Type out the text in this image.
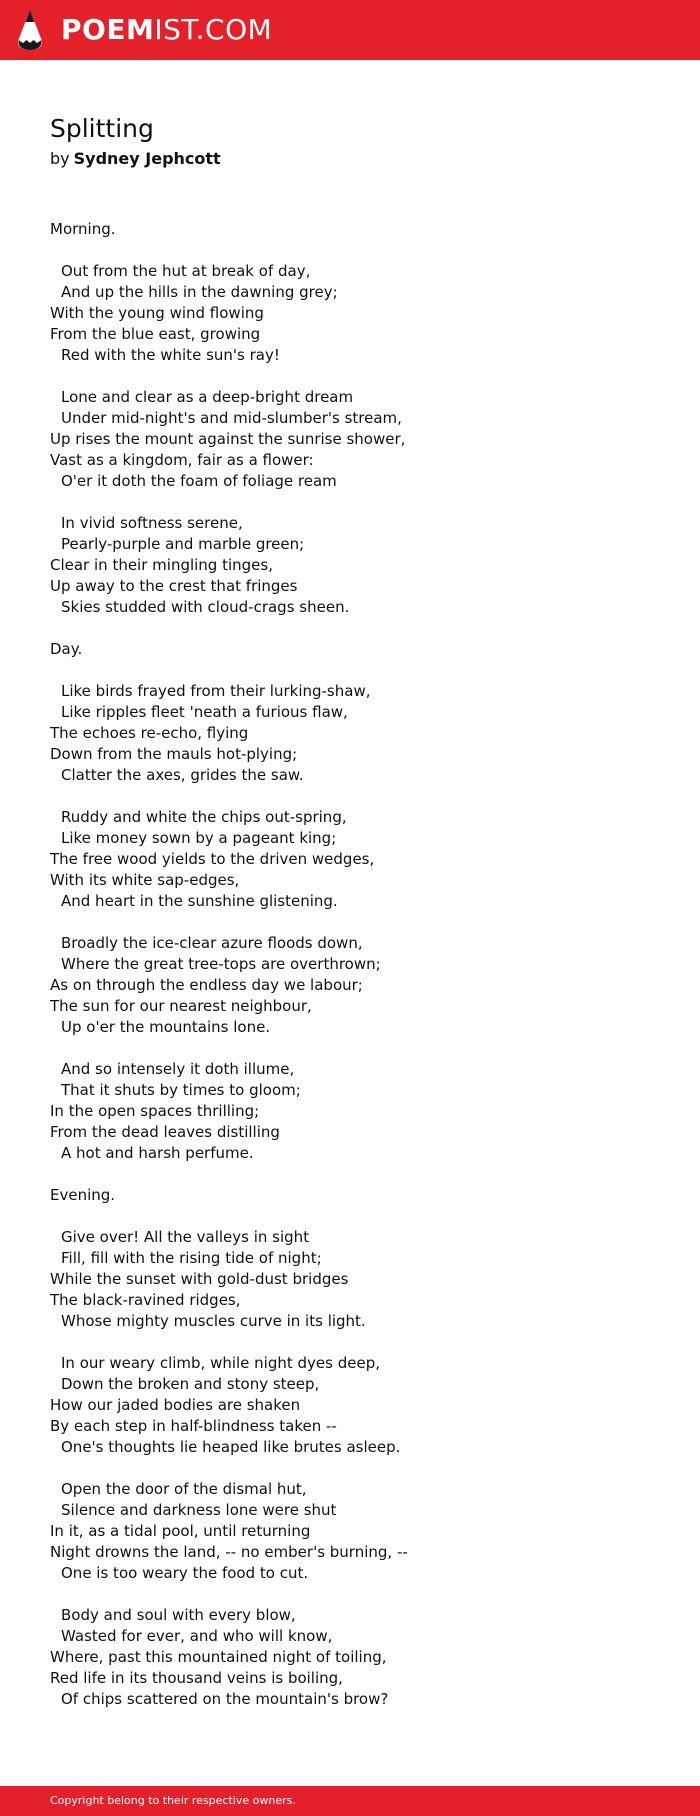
POEMIST.COM
Splitting
by Sydney Jephcott
Morning.
Out from the hut at break of day,
And up the hills in the dawning grey;
With the young wind flowing
From the blue east, growing
Red with the white sun's ray!
Lone and clear as a deep-bright dream
Under mid-night's and mid-slumber's stream,
Up rises the mount against the sunrise shower,
Vast as a kingdom, fair as a flower:
O'er it doth the foam of foliage ream
In vivid softness serene,
Pearly-purple and marble green;
Clear in their mingling tinges,
Up away to the crest that fringes
Skies studded with cloud-crags sheen.
Day.
Like birds frayed from their lurking-shaw,
Like ripples fleet 'neath a furious flaw,
The echoes re-echo, flying
Down from the mauls hot-plying;
Clatter the axes, grides the saw.
Ruddy and white the chips out-spring,
Like money sown by a pageant king;
The free wood yields to the driven wedges,
With its white sap-edges,
And heart in the sunshine glistening.
Broadly the ice-clear azure floods down,
Where the great tree-tops are overthrown;
As on through the endless day we labour;
The sun for our nearest neighbour,
Up o'er the mountains lone.
And so intensely it doth illume,
That it shuts by times to gloom;
In the open spaces thrilling;
From the dead leaves distilling
A hot and harsh perfume.
Evening.
Give over! All the valleys in sight
Fill, fill with the rising tide of night;
While the sunset with gold-dust bridges
The black-ravined ridges,
Whose mighty muscles curve in its light.
In our weary climb, while night dyes deep,
Down the broken and stony steep,
How our jaded bodies are shaken
By each step in half-blindness taken --
One's thoughts lie heaped like brutes asleep.
Open the door of the dismal hut,
Silence and darkness lone were shut
In it, as a tidal pool, until returning
Night drowns the land, -- no ember's burning, --
One is too weary the food to cut.
Body and soul with every blow,
Wasted for ever, and who will know,
Where, past this mountained night of toiling,
Red life in its thousand veins is boiling,
Of chips scattered on the mountain's brow?
Copyright belong to their respective owners.
